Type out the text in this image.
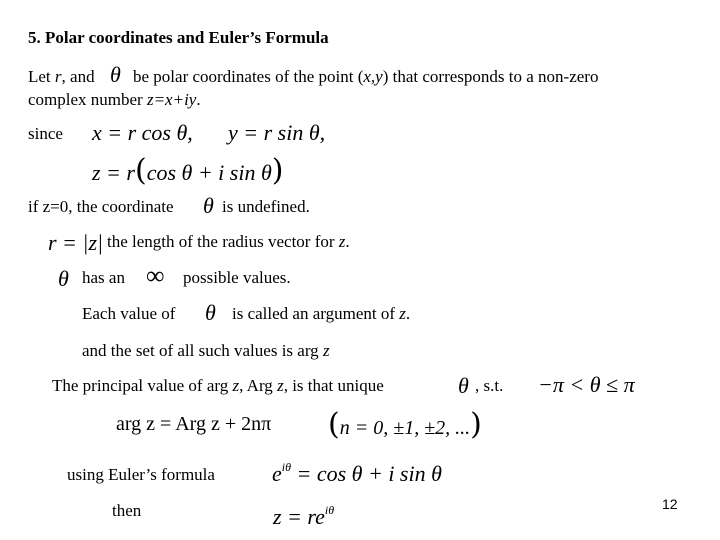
5. Polar coordinates and Euler’s Formula
Let r, and θ be polar coordinates of the point (x,y) that corresponds to a non-zero
complex number z=x+iy.
since x = r cos θ, y = r sin θ,
z = r(cos θ + i sin θ)
if z=0, the coordinate θ is undefined.
r = |z| the length of the radius vector for z.
θ has an ∞ possible values.
Each value of θ is called an argument of z.
and the set of all such values is arg z
The principal value of arg z, Arg z, is that unique	θ , s.t. −π < θ ≤ π
arg z = Arg z + 2nπ (n = 0, ±1, ±2, ...)
using Euler’s formula	$e^{i\theta} = \cos \theta + i$ sin θ
then	$z = re^{i\theta}$	12
